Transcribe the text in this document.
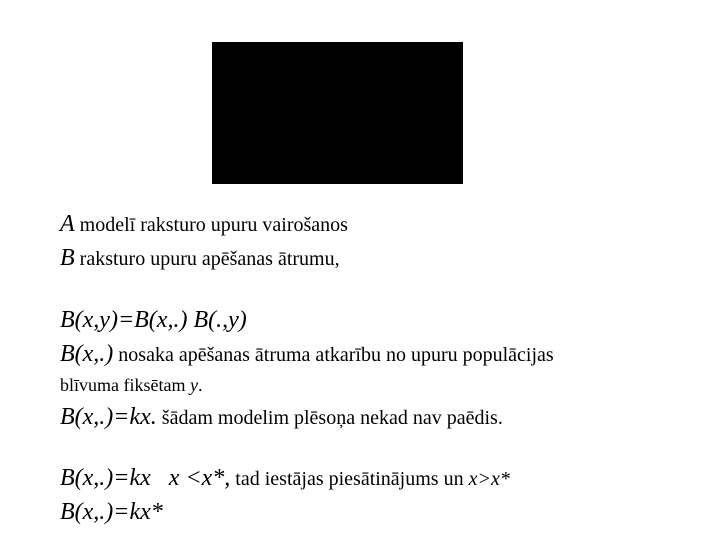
A modelī raksturo upuru vairošanos
B raksturo upuru apēšanas ātrumu,
B(x,y)=B(x,.) B(.,y)
B(x,.) nosaka apēšanas ātruma atkarību no upuru populācijas
blīvuma fiksētam y.
B(x,.)=kx. šādam modelim plēsoņa nekad nav paēdis.
B(x,.)=kx   x <x*, tad iestājas piesātinājums un x>x*
B(x,.)=kx*
